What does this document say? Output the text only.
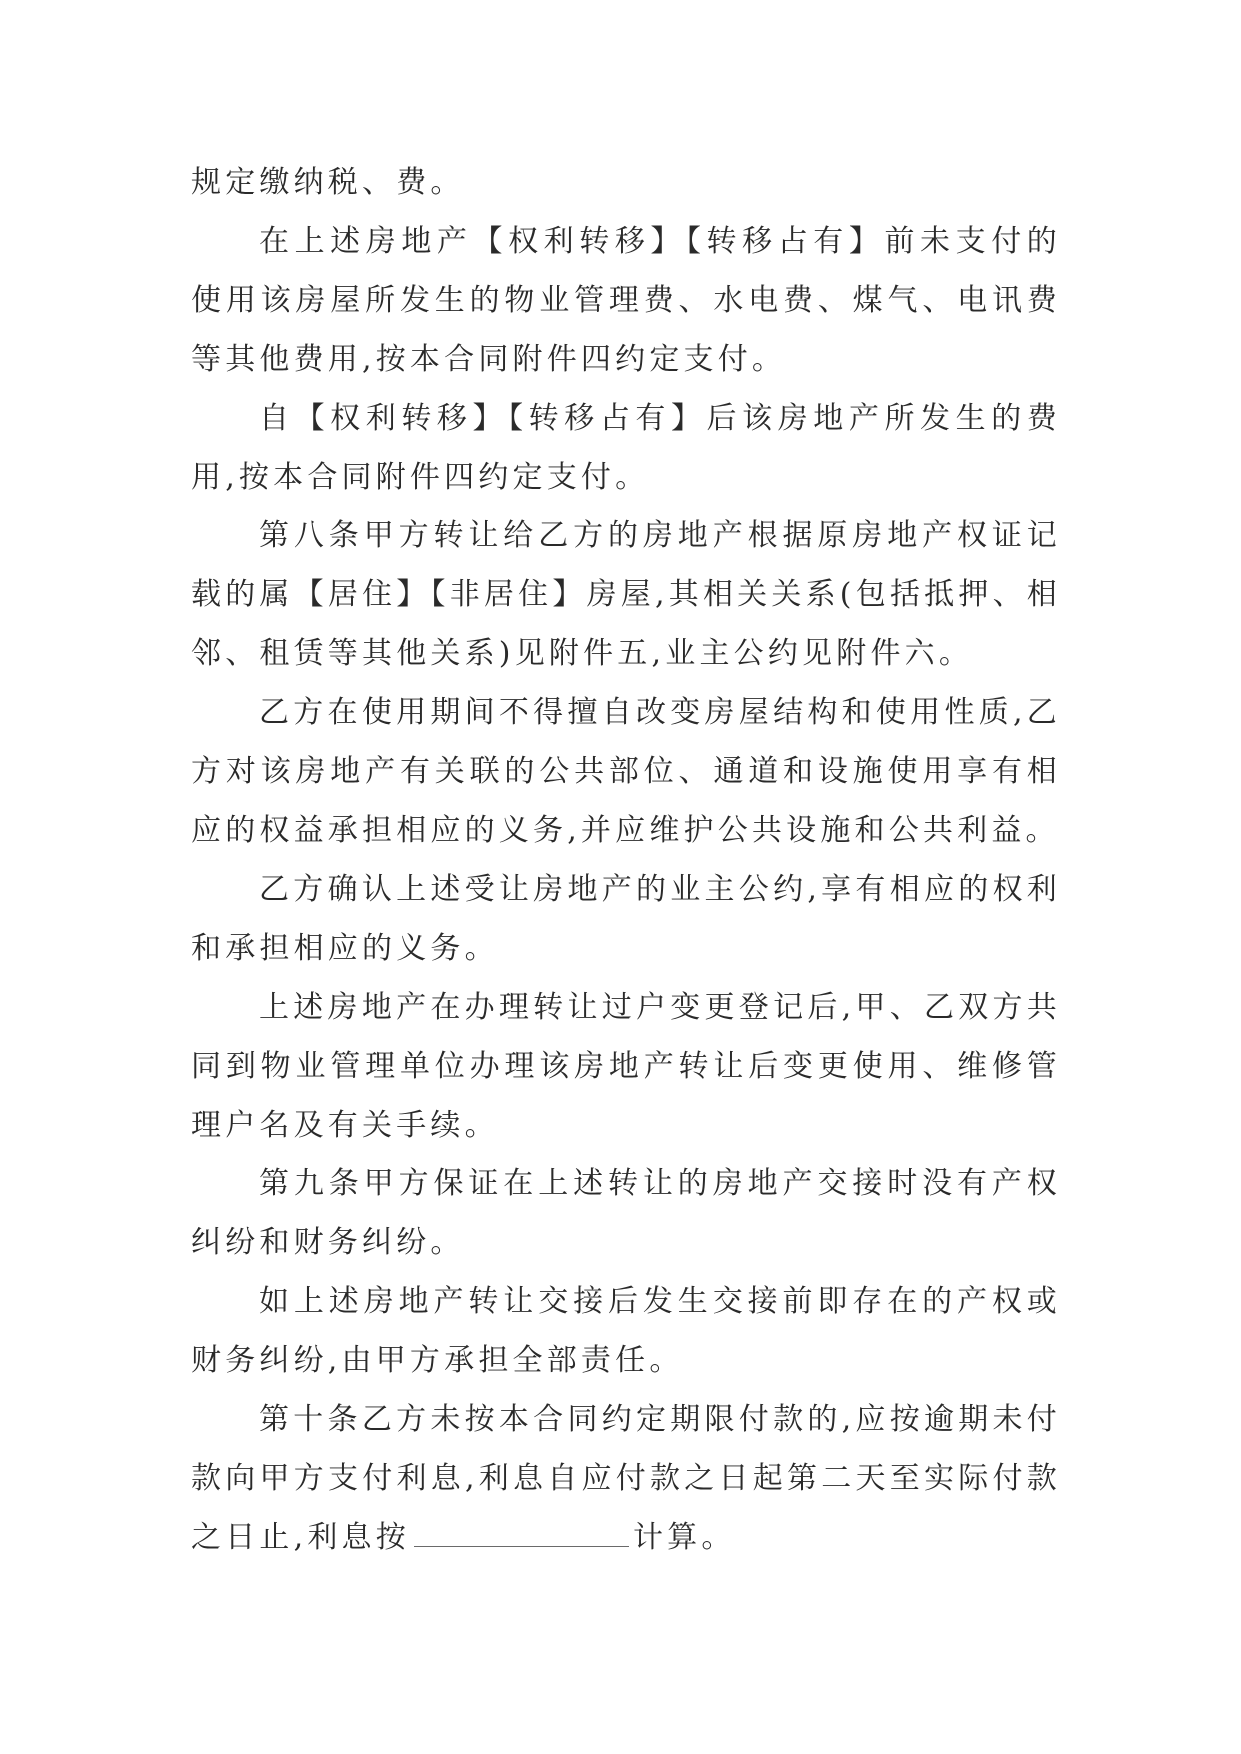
规定缴纳税、费。

在上述房地产【权利转移】【转移占有】前未支付的使用该房屋所发生的物业管理费、水电费、煤气、电讯费等其他费用,按本合同附件四约定支付。

自【权利转移】【转移占有】后该房地产所发生的费用,按本合同附件四约定支付。

第八条甲方转让给乙方的房地产根据原房地产权证记载的属【居住】【非居住】房屋,其相关关系(包括抵押、相邻、租赁等其他关系)见附件五,业主公约见附件六。

乙方在使用期间不得擅自改变房屋结构和使用性质,乙方对该房地产有关联的公共部位、通道和设施使用享有相应的权益承担相应的义务,并应维护公共设施和公共利益。

乙方确认上述受让房地产的业主公约,享有相应的权利和承担相应的义务。

上述房地产在办理转让过户变更登记后,甲、乙双方共同到物业管理单位办理该房地产转让后变更使用、维修管理户名及有关手续。

第九条甲方保证在上述转让的房地产交接时没有产权纠纷和财务纠纷。

如上述房地产转让交接后发生交接前即存在的产权或财务纠纷,由甲方承担全部责任。

第十条乙方未按本合同约定期限付款的,应按逾期未付款向甲方支付利息,利息自应付款之日起第二天至实际付款之日止,利息按	计算。
